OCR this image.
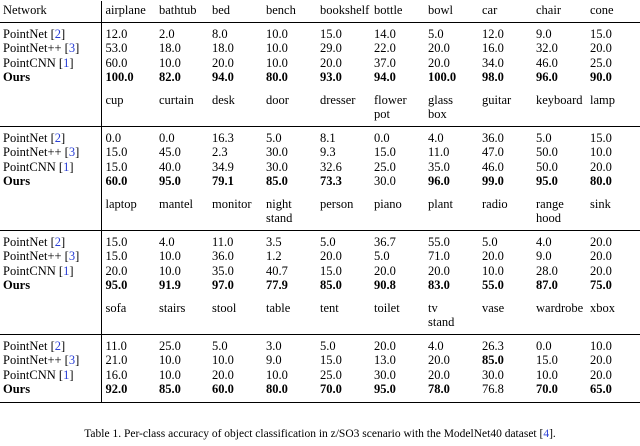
Network	airplane	bathtub	bed	bench	bookshelf	bottle	bowl	car	chair	cone
PointNet [2]	12.0	2.0	8.0	10.0	15.0	14.0	5.0	12.0	9.0	15.0
PointNet++ [3]	53.0	18.0	18.0	10.0	29.0	22.0	20.0	16.0	32.0	20.0
PointCNN [1]	60.0	10.0	20.0	10.0	20.0	37.0	20.0	34.0	46.0	25.0
Ours	100.0	82.0	94.0	80.0	93.0	94.0	100.0	98.0	96.0	90.0
	cup	curtain	desk	door	dresser	flower pot	glass box	guitar	keyboard	lamp
PointNet [2]	0.0	0.0	16.3	5.0	8.1	0.0	4.0	36.0	5.0	15.0
PointNet++ [3]	15.0	45.0	2.3	30.0	9.3	15.0	11.0	47.0	50.0	10.0
PointCNN [1]	15.0	40.0	34.9	30.0	32.6	25.0	35.0	46.0	50.0	20.0
Ours	60.0	95.0	79.1	85.0	73.3	30.0	96.0	99.0	95.0	80.0
	laptop	mantel	monitor	night stand	person	piano	plant	radio	range hood	sink
PointNet [2]	15.0	4.0	11.0	3.5	5.0	36.7	55.0	5.0	4.0	20.0
PointNet++ [3]	15.0	10.0	36.0	1.2	20.0	5.0	71.0	20.0	9.0	20.0
PointCNN [1]	20.0	10.0	35.0	40.7	15.0	20.0	20.0	10.0	28.0	20.0
Ours	95.0	91.9	97.0	77.9	85.0	90.8	83.0	55.0	87.0	75.0
	sofa	stairs	stool	table	tent	toilet	tv stand	vase	wardrobe	xbox
PointNet [2]	11.0	25.0	5.0	3.0	5.0	20.0	4.0	26.3	0.0	10.0
PointNet++ [3]	21.0	10.0	10.0	9.0	15.0	13.0	20.0	85.0	15.0	20.0
PointCNN [1]	16.0	10.0	20.0	10.0	25.0	30.0	20.0	30.0	10.0	20.0
Ours	92.0	85.0	60.0	80.0	70.0	95.0	78.0	76.8	70.0	65.0
Table 1. Per-class accuracy of object classification in z/SO3 scenario with the ModelNet40 dataset [4].
